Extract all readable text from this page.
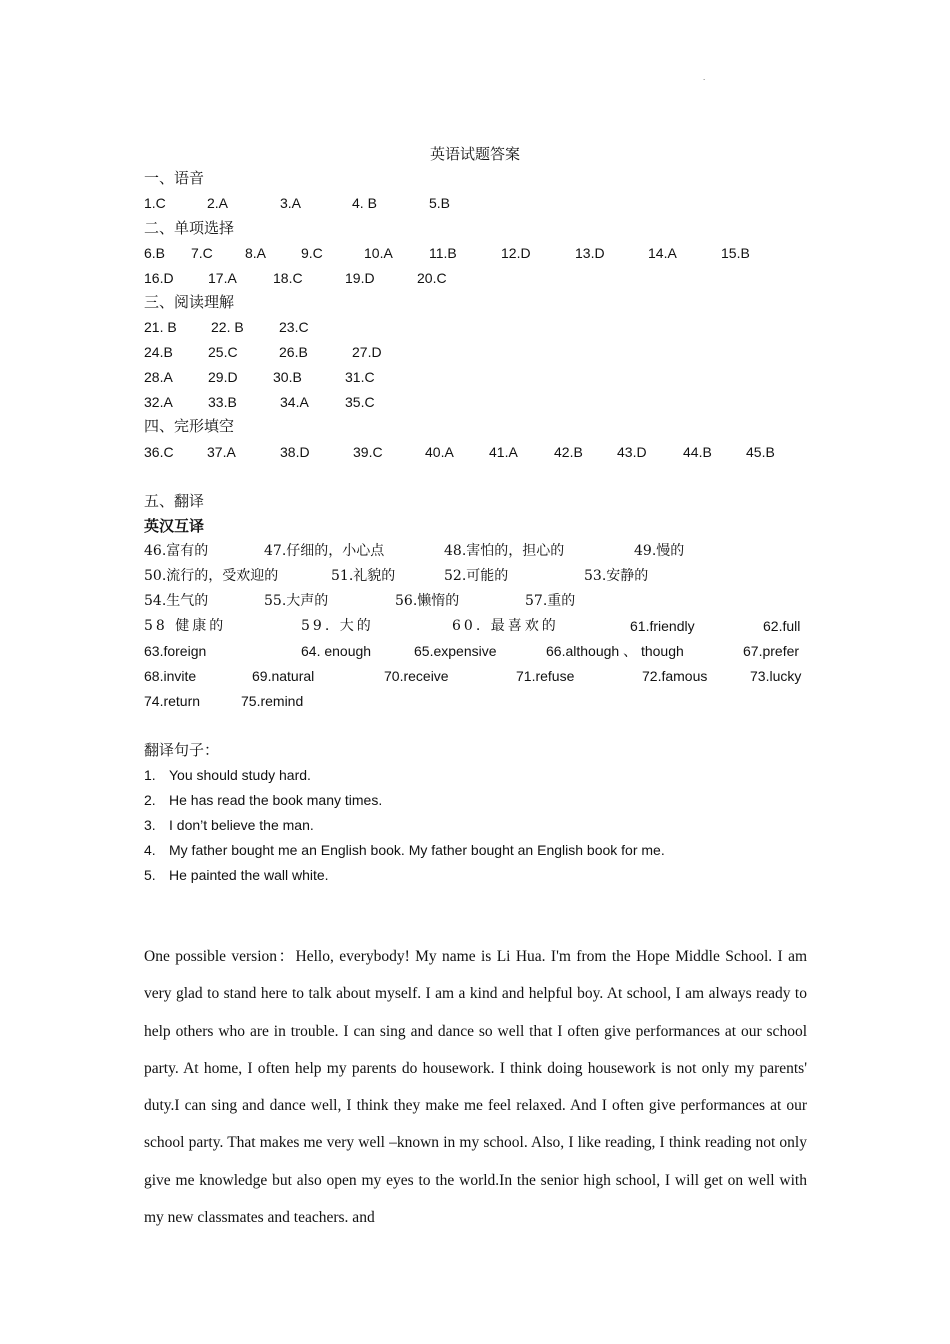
.
英语试题答案
一、语音
1.C	2.A	3.A	4. B	5.B
二、单项选择
6.B 7.C 8.A 9.C	10.A	11.B	12.D	13.D	14.A	15.B
16.D 17.A	18.C	19.D	20.C
三、阅读理解
21. B 22. B	23.C
24.B	25.C	26.B	27.D
28.A	29.D	30.B	31.C
32.A	33.B	34.A	35.C
四、完形填空
36.C 37.A	38.D	39.C	40.A	41.A	42.B 43.D	44.B 45.B
五、翻译
英汉互译
46.富有的	47.仔细的，小心点	48.害怕的，担心的	49.慢的
50.流行的，受欢迎的	51.礼貌的	52.可能的	53.安静的
54.生气的	55.大声的	56.懒惰的	57.重的
58 健康的	59. 大的	60. 最喜欢的	61.friendly	62.full
63.foreign	64. enough	65.expensive	66.although 、 though	67.prefer
68.invite	69.natural	70.receive	71.refuse	72.famous	73.lucky
74.return	75.remind
翻译句子：
1. You should study hard.
2. He has read the book many times.
3. I don’t believe the man.
4. My father bought me an English book. My father bought an English book for me.
5. He painted the wall white.

One possible version：Hello, everybody! My name is Li Hua. I'm from the Hope Middle School. I am very glad to stand here to talk about myself. I am a kind and helpful boy. At school, I am always ready to help others who are in trouble. I can sing and dance so well that I often give performances at our school party. At home, I often help my parents do housework. I think doing housework is not only my parents' duty.I can sing and dance well, I think they make me feel relaxed. And I often give performances at our school party. That makes me very well –known in my school. Also, I like reading, I think reading not only give me knowledge but also open my eyes to the world.In the senior high school, I will get on well with my new classmates and teachers. and
